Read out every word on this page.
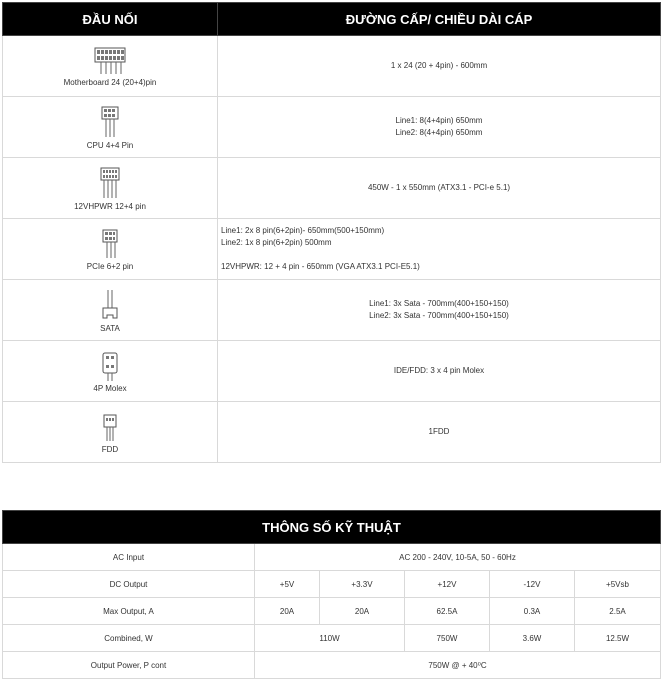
ĐẦU NỐI	ĐƯỜNG CẤP/ CHIỀU DÀI CÁP

Motherboard 24 (20+4)pin	1 x 24 (20 + 4pin) - 600mm

CPU 4+4 Pin	Line1: 8(4+4pin) 650mm
Line2: 8(4+4pin) 650mm

12VHPWR 12+4 pin	450W - 1 x 550mm (ATX3.1 - PCI-e 5.1)

PCIe 6+2 pin	Line1: 2x 8 pin(6+2pin)- 650mm(500+150mm)
Line2: 1x 8 pin(6+2pin) 500mm
12VHPWR: 12 + 4 pin - 650mm (VGA ATX3.1 PCI-E5.1)

SATA	Line1: 3x Sata - 700mm(400+150+150)
Line2: 3x Sata - 700mm(400+150+150)

4P Molex	IDE/FDD: 3 x 4 pin Molex

FDD	1FDD
THÔNG SỐ KỸ THUẬT					
AC Input	AC 200 - 240V, 10-5A, 50 - 60Hz				
DC Output	+5V	+3.3V	+12V	-12V	+5Vsb
Max Output, A	20A	20A	62.5A	0.3A	2.5A
Combined, W	110W		750W	3.6W	12.5W
Output Power, P cont	750W @ + 40⁰C				
